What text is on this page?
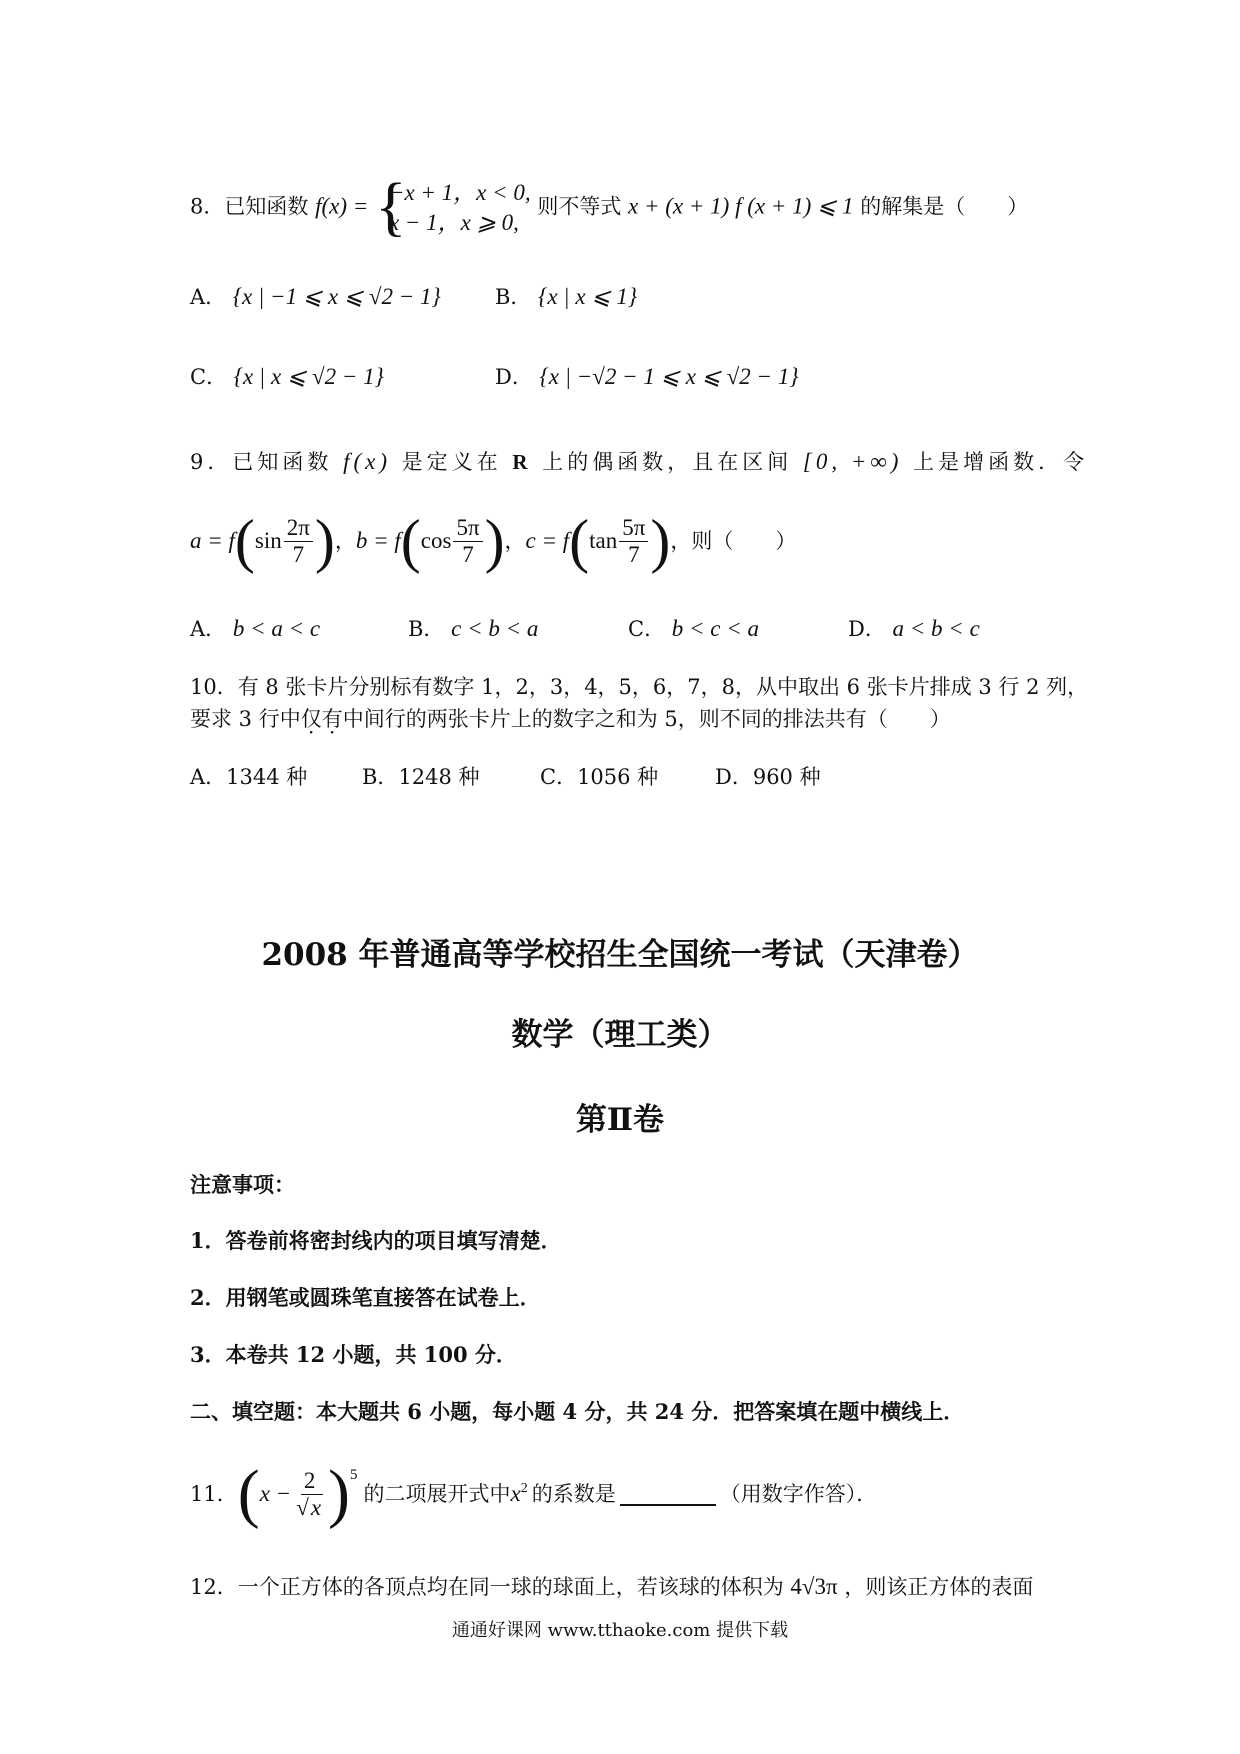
8．已知函数 f(x) = {
−x + 1，x < 0,
x − 1，x ⩾ 0,
则不等式 x + (x + 1) f (x + 1) ⩽ 1 的解集是（　　）
A． {x | −1 ⩽ x ⩽ √2 − 1}	B． {x | x ⩽ 1}
C． {x | x ⩽ √2 − 1}	D． {x | −√2 − 1 ⩽ x ⩽ √2 − 1}
9．已知函数 f(x) 是定义在 R 上的偶函数，且在区间 [0, +∞) 上是增函数．令
a = f ( $\sin \frac{2\pi}{7}$ ) ， b = f ( $\cos \frac{5\pi}{7}$ ) ， c = f ( $\tan \frac{5\pi}{7}$ ) ，则（　　）
A． b < a < c	B． c < b < a	C． b < c < a	D． a < b < c
10．有 8 张卡片分别标有数字 1，2，3，4，5，6，7，8，从中取出 6 张卡片排成 3 行 2 列，
要求 3 行中仅有中间行的两张卡片上的数字之和为 5，则不同的排法共有（　　）
A．1344 种	B．1248 种	C．1056 种	D．960 种
2008 年普通高等学校招生全国统一考试（天津卷）
数学（理工类）
第Ⅱ卷
注意事项：
1．答卷前将密封线内的项目填写清楚．
2．用钢笔或圆珠笔直接答在试卷上．
3．本卷共 12 小题，共 100 分．
二、填空题：本大题共 6 小题，每小题 4 分，共 24 分．把答案填在题中横线上．
11． ( $x - \frac{2}{√x} )^5$
的二项展开式中 $x^2$ 的系数是	（用数字作答）．
12．一个正方体的各顶点均在同一球的球面上，若该球的体积为 4√3π ，则该正方体的表面
通通好课网 www.tthaoke.com 提供下载
